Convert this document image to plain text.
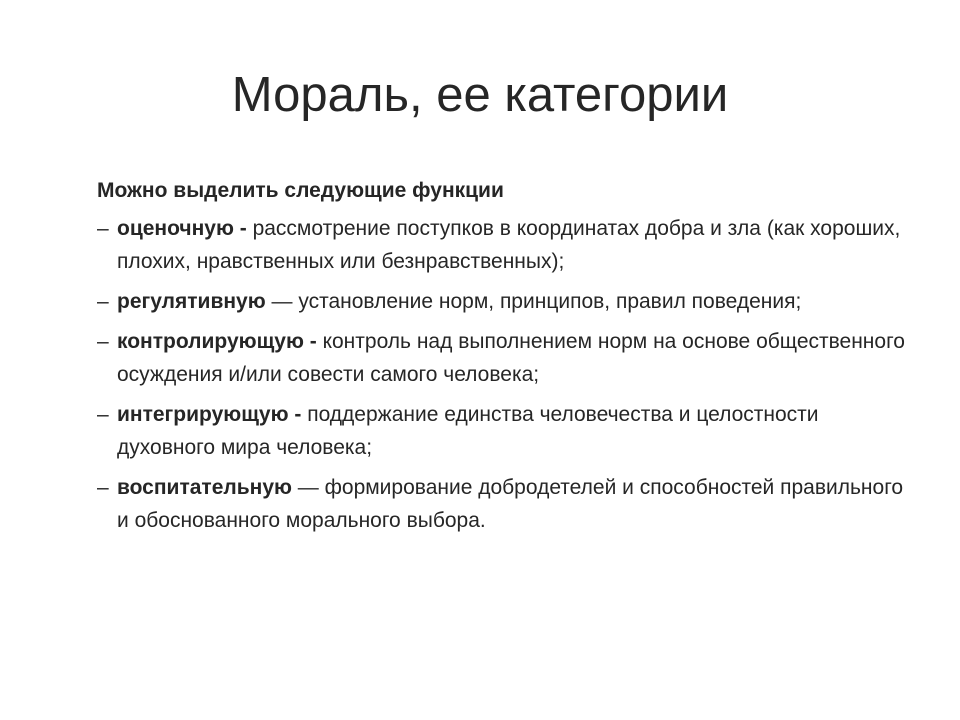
Мораль, ее категории

Можно выделить следующие функции

– оценочную - рассмотрение поступков в координатах добра и зла (как хороших, плохих, нравственных или безнравственных);
– регулятивную — установление норм, принципов, правил поведения;
– контролирующую - контроль над выполнением норм на основе общественного осуждения и/или совести самого человека;
– интегрирующую - поддержание единства человечества и целостности духовного мира человека;
– воспитательную — формирование добродетелей и способностей правильного и обоснованного морального выбора.
